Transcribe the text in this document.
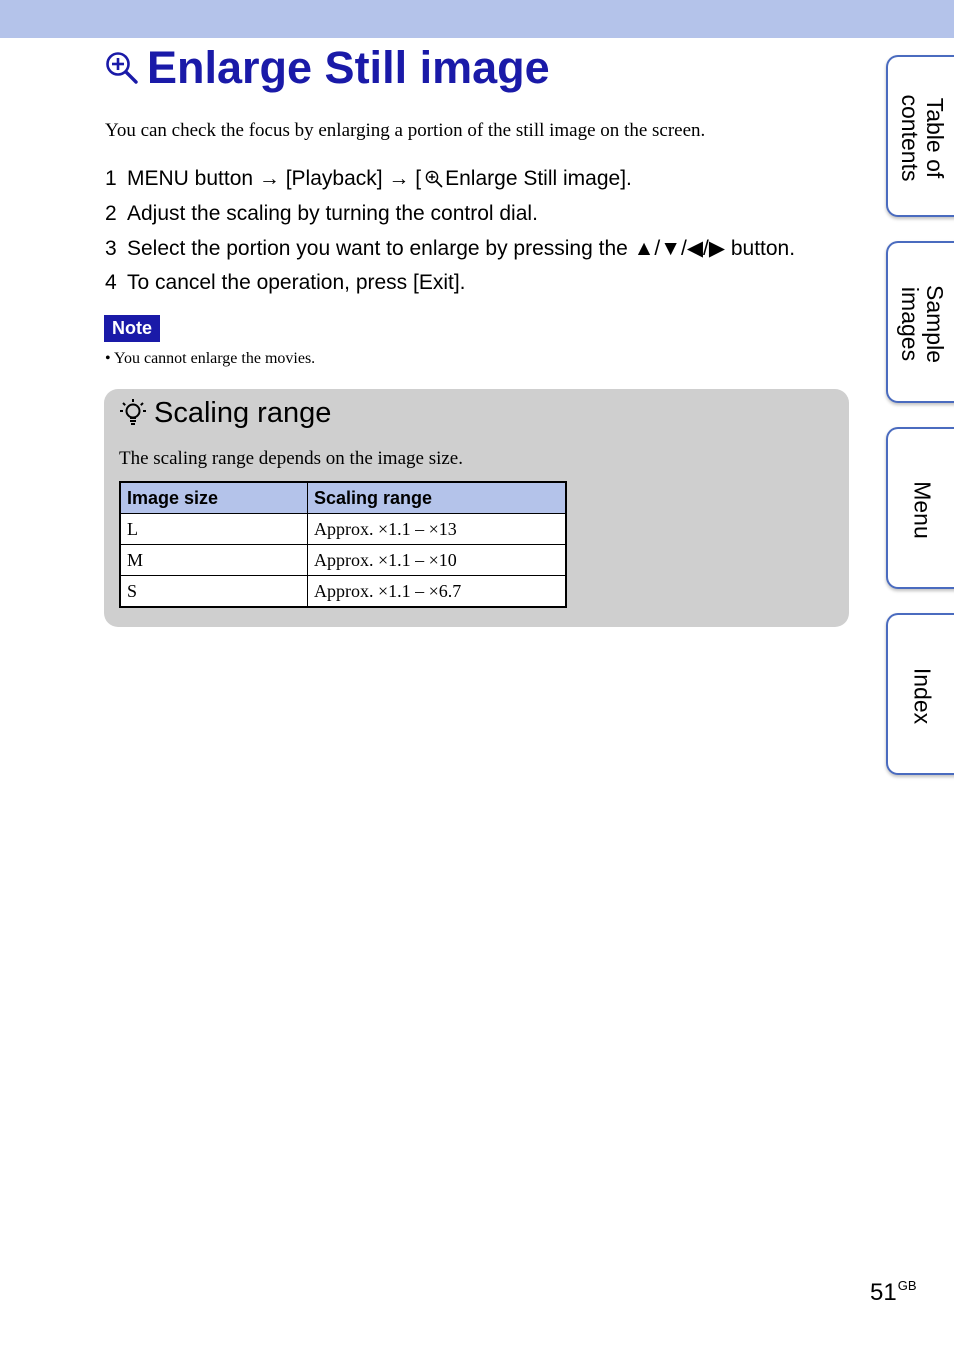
Enlarge Still image
You can check the focus by enlarging a portion of the still image on the screen.
1 MENU button → [Playback] → [ Enlarge Still image].
2 Adjust the scaling by turning the control dial.
3 Select the portion you want to enlarge by pressing the ▲/▼/◀/▶ button.
4 To cancel the operation, press [Exit].
Note
• You cannot enlarge the movies.
Scaling range
The scaling range depends on the image size.
Image size	Scaling range
L	Approx. ×1.1 – ×13
M	Approx. ×1.1 – ×10
S	Approx. ×1.1 – ×6.7
Table of contents
Sample images
Menu
Index
$51^{GB}$
